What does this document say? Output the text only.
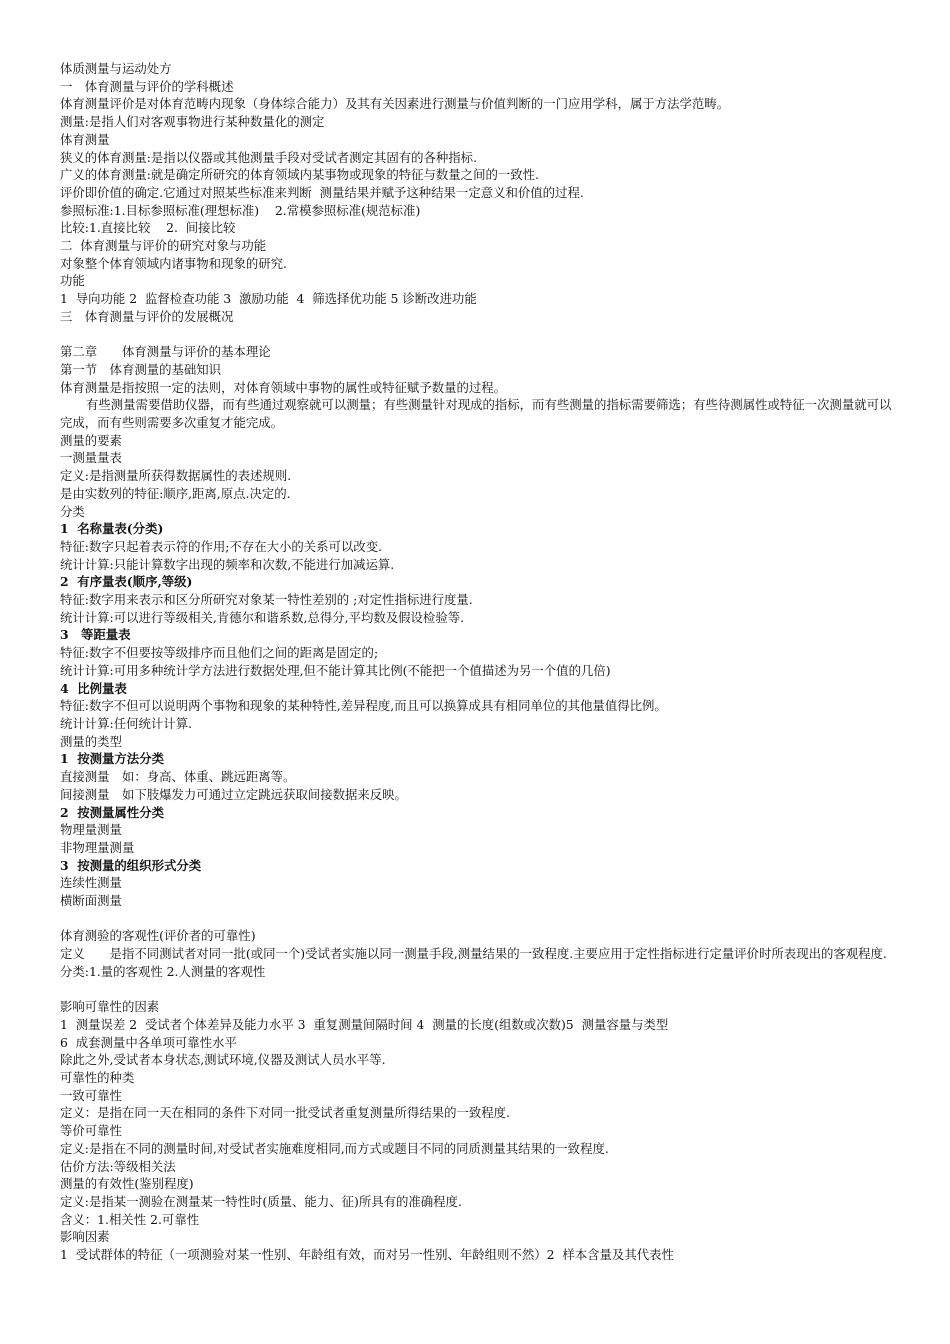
体质测量与运动处方
一　体育测量与评价的学科概述
体育测量评价是对体育范畴内现象（身体综合能力）及其有关因素进行测量与价值判断的一门应用学科，属于方法学范畴。
测量:是指人们对客观事物进行某种数量化的测定
体育测量
狭义的体育测量:是指以仪器或其他测量手段对受试者测定其固有的各种指标.
广义的体育测量:就是确定所研究的体育领域内某事物或现象的特征与数量之间的一致性.
评价即价值的确定.它通过对照某些标准来判断  测量结果并赋予这种结果一定意义和价值的过程.
参照标准:1.目标参照标准(理想标准)    2.常模参照标准(规范标准)
比较:1.直接比较    2.  间接比较
二  体育测量与评价的研究对象与功能
对象整个体育领域内诸事物和现象的研究.
功能
1  导向功能 2  监督检查功能 3  激励功能  4  筛选择优功能 5 诊断改进功能
三　体育测量与评价的发展概况
第二章　　体育测量与评价的基本理论
第一节　体育测量的基础知识
体育测量是指按照一定的法则，对体育领域中事物的属性或特征赋予数量的过程。
有些测量需要借助仪器，而有些通过观察就可以测量；有些测量针对现成的指标，而有些测量的指标需要筛选；有些待测属性或特征一次测量就可以完成，而有些则需要多次重复才能完成。
测量的要素
一测量量表
定义:是指测量所获得数据属性的表述规则.
是由实数列的特征:顺序,距离,原点.决定的.
分类
1  名称量表(分类)
特征:数字只起着表示符的作用;不存在大小的关系可以改变.
统计计算:只能计算数字出现的频率和次数,不能进行加减运算.
2  有序量表(顺序,等级)
特征:数字用来表示和区分所研究对象某一特性差别的 ;对定性指标进行度量.
统计计算:可以进行等级相关,肯德尔和谐系数,总得分,平均数及假设检验等.
3　等距量表
特征:数字不但要按等级排序而且他们之间的距离是固定的;
统计计算:可用多种统计学方法进行数据处理,但不能计算其比例(不能把一个值描述为另一个值的几倍)
4  比例量表
特征:数字不但可以说明两个事物和现象的某种特性,差异程度,而且可以换算成具有相同单位的其他量值得比例。
统计计算:任何统计计算.
测量的类型
1  按测量方法分类
直接测量　如：身高、体重、跳远距离等。
间接测量　如下肢爆发力可通过立定跳远获取间接数据来反映。
2  按测量属性分类
物理量测量
非物理量测量
3  按测量的组织形式分类
连续性测量
横断面测量
体育测验的客观性(评价者的可靠性)
定义　　是指不同测试者对同一批(或同一个)受试者实施以同一测量手段,测量结果的一致程度.主要应用于定性指标进行定量评价时所表现出的客观程度.
分类:1.量的客观性 2.人测量的客观性
影响可靠性的因素
1  测量误差 2  受试者个体差异及能力水平 3  重复测量间隔时间 4  测量的长度(组数或次数)5  测量容量与类型
6  成套测量中各单项可靠性水平
除此之外,受试者本身状态,测试环境,仪器及测试人员水平等.
可靠性的种类
一致可靠性
定义：是指在同一天在相同的条件下对同一批受试者重复测量所得结果的一致程度.
等价可靠性
定义:是指在不同的测量时间,对受试者实施难度相同,而方式或题目不同的同质测量其结果的一致程度.
估价方法:等级相关法
测量的有效性(鉴别程度)
定义:是指某一测验在测量某一特性时(质量、能力、征)所具有的准确程度.
含义：1.相关性 2.可靠性
影响因素
1  受试群体的特征（一项测验对某一性别、年龄组有效，而对另一性别、年龄组则不然）2  样本含量及其代表性
